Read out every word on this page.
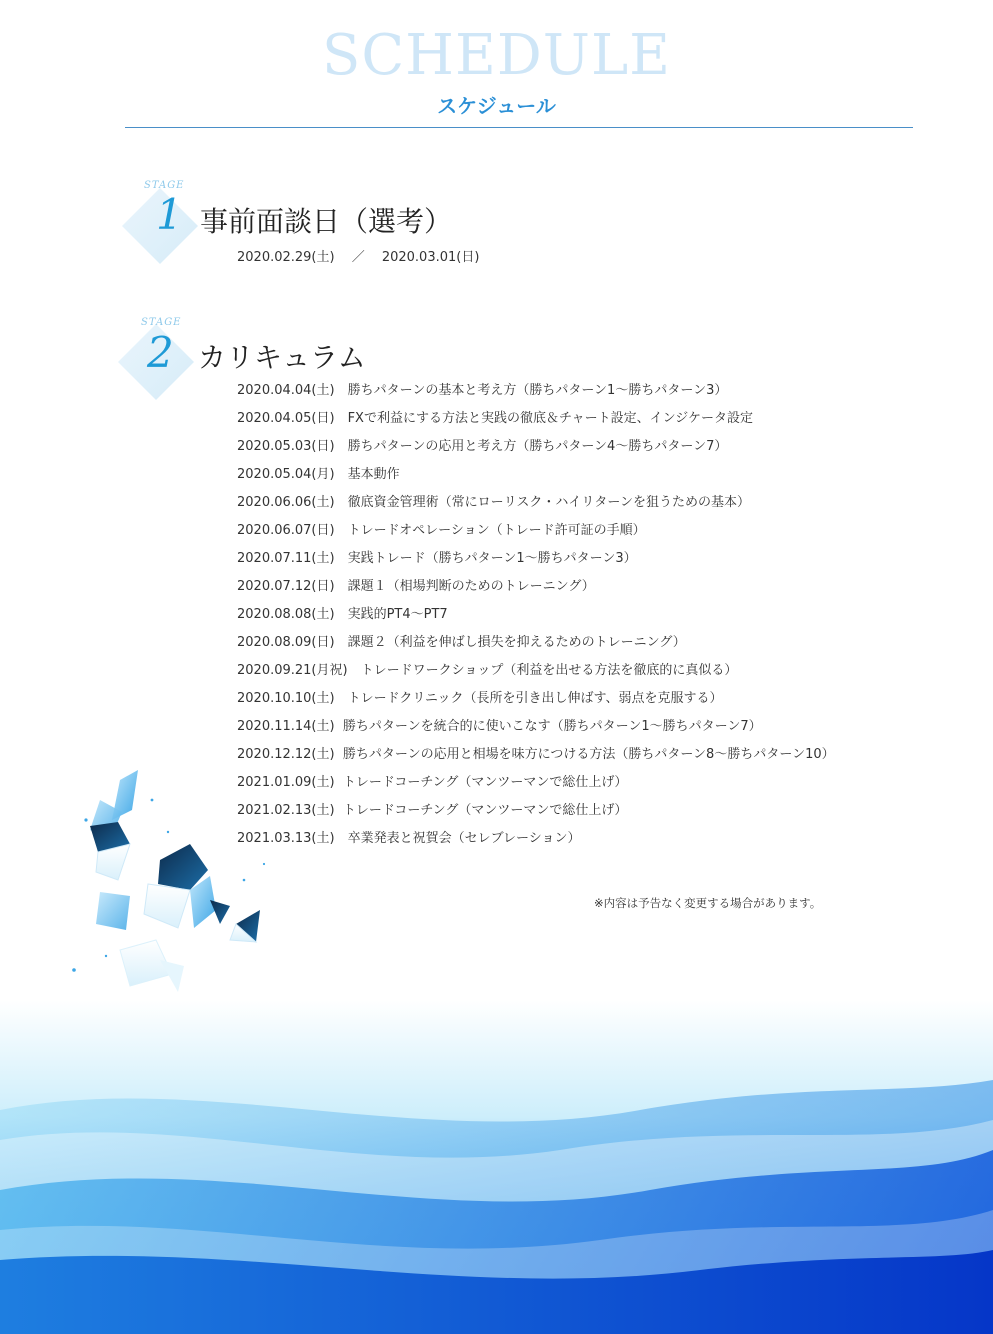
SCHEDULE
スケジュール
STAGE
1 事前面談日（選考）
2020.02.29(土)　 ／ 　2020.03.01(日)
STAGE
2 カリキュラム
2020.04.04(土)　勝ちパターンの基本と考え方（勝ちパターン1～勝ちパターン3）
2020.04.05(日)　FXで利益にする方法と実践の徹底＆チャート設定、インジケータ設定
2020.05.03(日)　勝ちパターンの応用と考え方（勝ちパターン4～勝ちパターン7）
2020.05.04(月)　基本動作
2020.06.06(土)　徹底資金管理術（常にローリスク・ハイリターンを狙うための基本）
2020.06.07(日)　トレードオペレーション（トレード許可証の手順）
2020.07.11(土)　実践トレード（勝ちパターン1～勝ちパターン3）
2020.07.12(日)　課題１（相場判断のためのトレーニング）
2020.08.08(土)　実践的PT4～PT7
2020.08.09(日)　課題２（利益を伸ばし損失を抑えるためのトレーニング）
2020.09.21(月祝)　トレードワークショップ（利益を出せる方法を徹底的に真似る）
2020.10.10(土)　トレードクリニック（長所を引き出し伸ばす、弱点を克服する）
2020.11.14(土)  勝ちパターンを統合的に使いこなす（勝ちパターン1～勝ちパターン7）
2020.12.12(土)  勝ちパターンの応用と相場を味方につける方法（勝ちパターン8～勝ちパターン10）
2021.01.09(土)  トレードコーチング（マンツーマンで総仕上げ）
2021.02.13(土)  トレードコーチング（マンツーマンで総仕上げ）
2021.03.13(土)　卒業発表と祝賀会（セレブレーション）
※内容は予告なく変更する場合があります。
